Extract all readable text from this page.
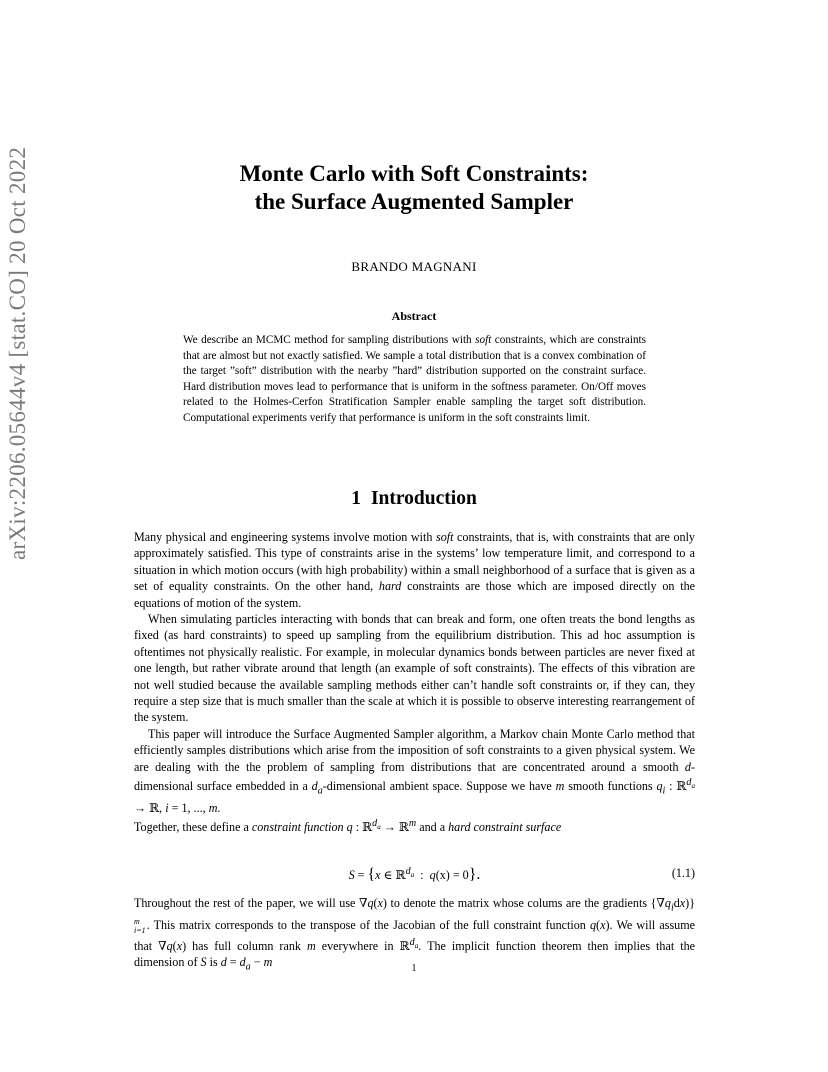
arXiv:2206.05644v4 [stat.CO] 20 Oct 2022	Monte Carlo with Soft Constraints:
the Surface Augmented Sampler
BRANDO MAGNANI
Abstract
We describe an MCMC method for sampling distributions with soft constraints, which are constraints that are almost but not exactly satisfied. We sample a total distribution that is a convex combination of the target ”soft” distribution with the nearby ”hard” distribution supported on the constraint surface. Hard distribution moves lead to performance that is uniform in the softness parameter. On/Off moves related to the Holmes-Cerfon Stratification Sampler enable sampling the target soft distribution. Computational experiments verify that performance is uniform in the soft constraints limit.
1 Introduction

Many physical and engineering systems involve motion with soft constraints, that is, with constraints that are only approximately satisfied. This type of constraints arise in the systems’ low temperature limit, and correspond to a situation in which motion occurs (with high probability) within a small neighborhood of a surface that is given as a set of equality constraints. On the other hand, hard constraints are those which are imposed directly on the equations of motion of the system.

When simulating particles interacting with bonds that can break and form, one often treats the bond lengths as fixed (as hard constraints) to speed up sampling from the equilibrium distribution. This ad hoc assumption is oftentimes not physically realistic. For example, in molecular dynamics bonds between particles are never fixed at one length, but rather vibrate around that length (an example of soft constraints). The effects of this vibration are not well studied because the available sampling methods either can’t handle soft constraints or, if they can, they require a step size that is much smaller than the scale at which it is possible to observe interesting rearrangement of the system.

This paper will introduce the Surface Augmented Sampler algorithm, a Markov chain Monte Carlo method that efficiently samples distributions which arise from the imposition of soft constraints to a given physical system. We are dealing with the the problem of sampling from distributions that are concentrated around a smooth d-dimensional surface embedded in a $d_a$-dimensional ambient space. Suppose we have m smooth functions $q_i$ : ℝ$^{d_a}$ → ℝ, i = 1, ..., m.

Together, these define a constraint function q : ℝ$^{d_a}$ → ℝ$^m$ and a hard constraint surface

S = {x ∈ ℝ$^{d_a}$  :  q(x) = 0}.	(1.1)
Throughout the rest of the paper, we will use ∇q(x) to denote the matrix whose colums are the gradients $\{\nabla q_idx)$}
m
i=1 . This matrix corresponds to the transpose of the Jacobian of the full constraint function q(x). We will assume that ∇q(x) has full column rank m everywhere in ℝ$^{d_a}$. The implicit function theorem then implies that the dimension of S is $d = d_a - m$	1
